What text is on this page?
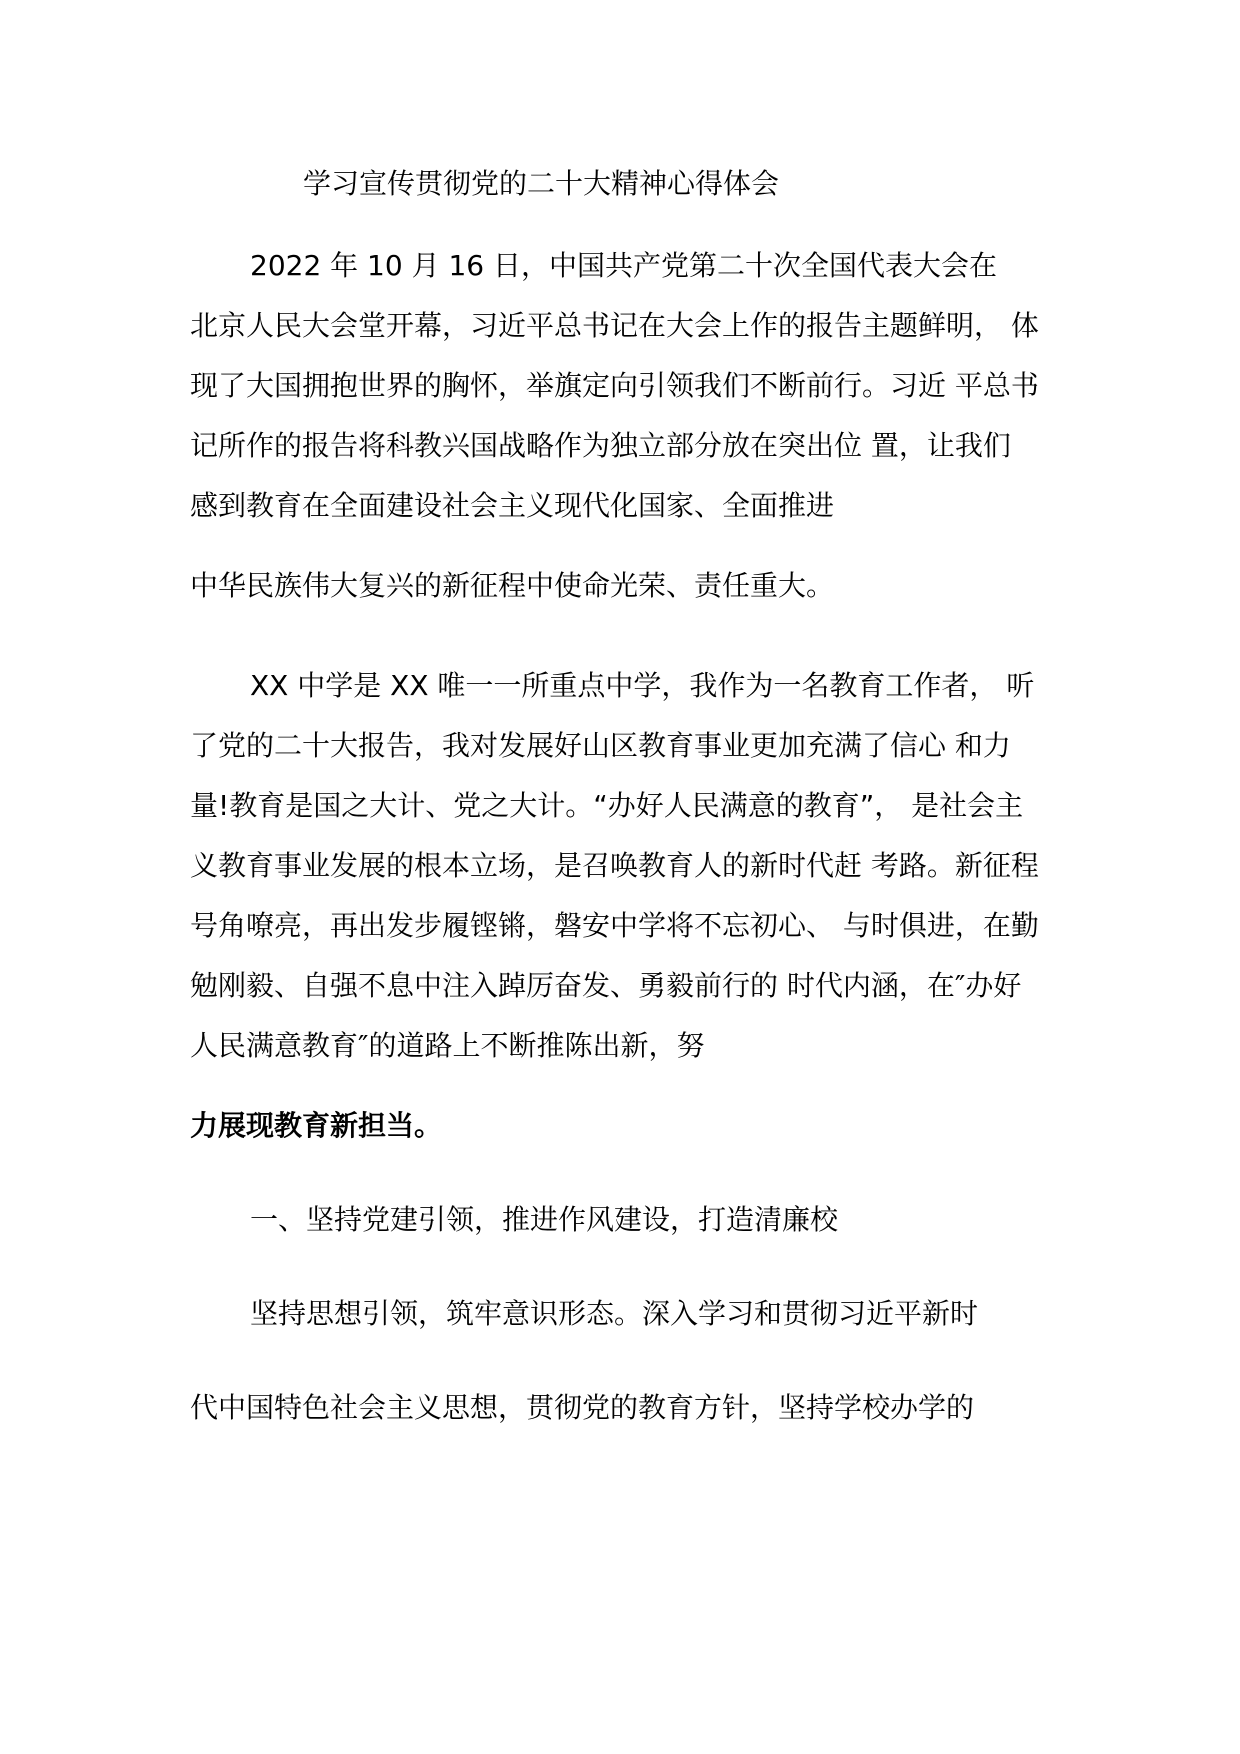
学习宣传贯彻党的二十大精神心得体会
2022 年 10 月 16 日，中国共产党第二十次全国代表大会在
北京人民大会堂开幕，习近平总书记在大会上作的报告主题鲜明， 体
现了大国拥抱世界的胸怀，举旗定向引领我们不断前行。习近 平总书
记所作的报告将科教兴国战略作为独立部分放在突出位 置，让我们
感到教育在全面建设社会主义现代化国家、全面推进
中华民族伟大复兴的新征程中使命光荣、责任重大。
XX 中学是 XX 唯一一所重点中学，我作为一名教育工作者， 听
了党的二十大报告，我对发展好山区教育事业更加充满了信心 和力
量!教育是国之大计、党之大计。“办好人民满意的教育”， 是社会主
义教育事业发展的根本立场，是召唤教育人的新时代赶 考路。新征程
号角嘹亮，再出发步履铿锵，磐安中学将不忘初心、 与时俱进，在勤
勉刚毅、自强不息中注入踔厉奋发、勇毅前行的 时代内涵，在″办好
人民满意教育″的道路上不断推陈出新，努
力展现教育新担当。
一、坚持党建引领，推进作风建设，打造清廉校
坚持思想引领，筑牢意识形态。深入学习和贯彻习近平新时
代中国特色社会主义思想，贯彻党的教育方针，坚持学校办学的
